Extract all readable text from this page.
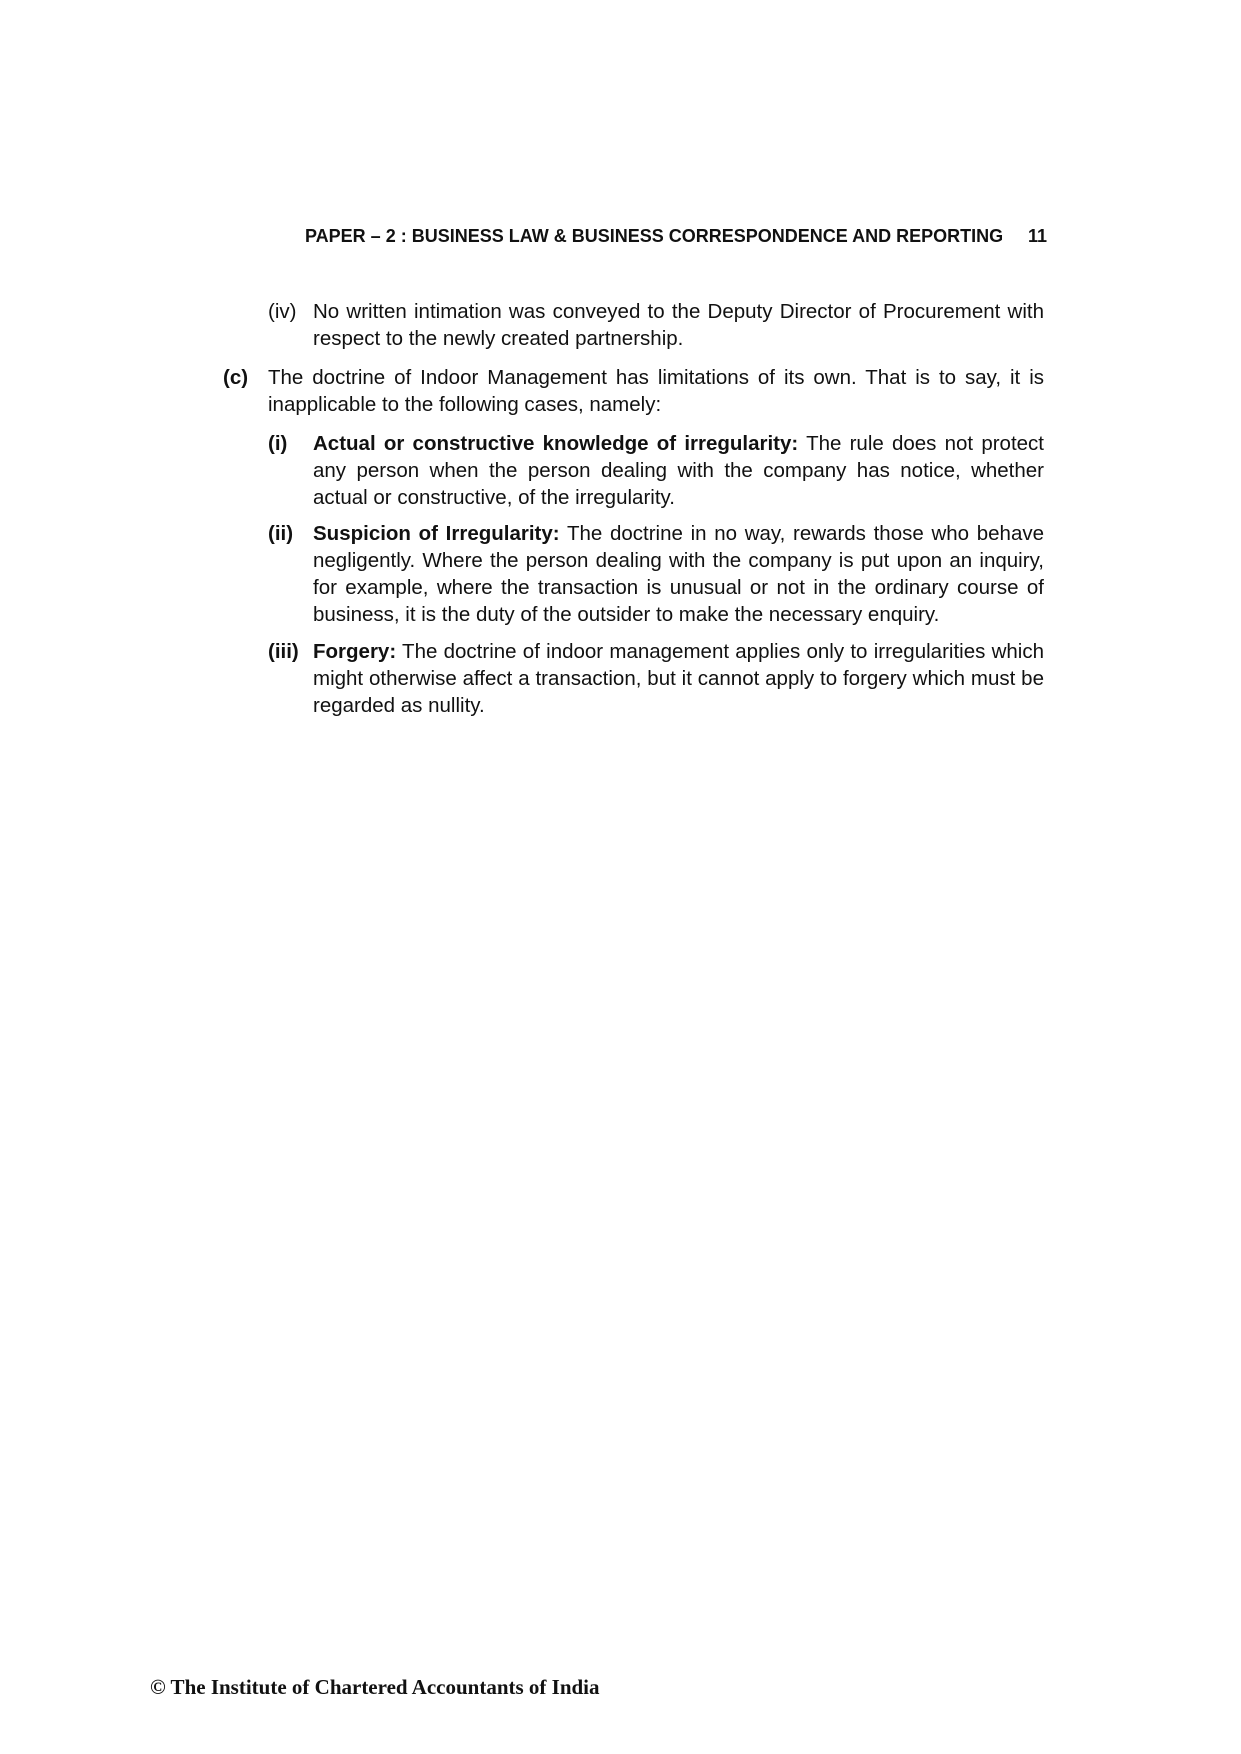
PAPER – 2 : BUSINESS LAW & BUSINESS CORRESPONDENCE AND REPORTING 11
(iv) No written intimation was conveyed to the Deputy Director of Procurement with respect to the newly created partnership.
(c) The doctrine of Indoor Management has limitations of its own. That is to say, it is inapplicable to the following cases, namely:
(i) Actual or constructive knowledge of irregularity: The rule does not protect any person when the person dealing with the company has notice, whether actual or constructive, of the irregularity.
(ii) Suspicion of Irregularity: The doctrine in no way, rewards those who behave negligently. Where the person dealing with the company is put upon an inquiry, for example, where the transaction is unusual or not in the ordinary course of business, it is the duty of the outsider to make the necessary enquiry.
(iii) Forgery: The doctrine of indoor management applies only to irregularities which might otherwise affect a transaction, but it cannot apply to forgery which must be regarded as nullity.
© The Institute of Chartered Accountants of India
